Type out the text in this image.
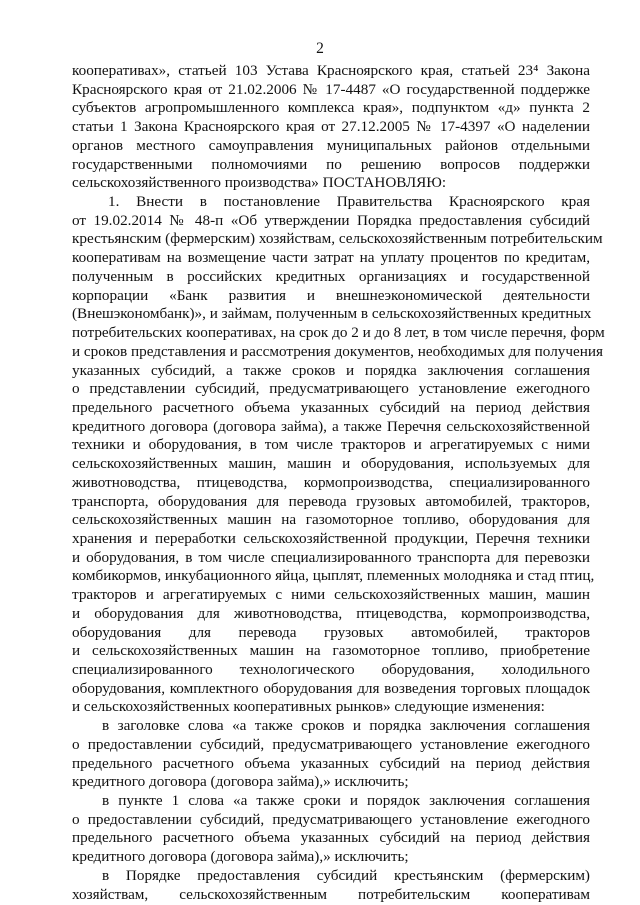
2
кооперативах», статьей 103 Устава Красноярского края, статьей 23⁴ Закона
Красноярского края от 21.02.2006 № 17-4487 «О государственной поддержке
субъектов агропромышленного комплекса края», подпунктом «д» пункта 2
статьи 1 Закона Красноярского края от 27.12.2005 № 17-4397 «О наделении
органов местного самоуправления муниципальных районов отдельными
государственными полномочиями по решению вопросов поддержки
сельскохозяйственного производства» ПОСТАНОВЛЯЮ:
1. Внести в постановление Правительства Красноярского края
от 19.02.2014 № 48-п «Об утверждении Порядка предоставления субсидий
крестьянским (фермерским) хозяйствам, сельскохозяйственным потребительским
кооперативам на возмещение части затрат на уплату процентов по кредитам,
полученным в российских кредитных организациях и государственной
корпорации «Банк развития и внешнеэкономической деятельности
(Внешэкономбанк)», и займам, полученным в сельскохозяйственных кредитных
потребительских кооперативах, на срок до 2 и до 8 лет, в том числе перечня, форм
и сроков представления и рассмотрения документов, необходимых для получения
указанных субсидий, а также сроков и порядка заключения соглашения
о представлении субсидий, предусматривающего установление ежегодного
предельного расчетного объема указанных субсидий на период действия
кредитного договора (договора займа), а также Перечня сельскохозяйственной
техники и оборудования, в том числе тракторов и агрегатируемых с ними
сельскохозяйственных машин, машин и оборудования, используемых для
животноводства, птицеводства, кормопроизводства, специализированного
транспорта, оборудования для перевода грузовых автомобилей, тракторов,
сельскохозяйственных машин на газомоторное топливо, оборудования для
хранения и переработки сельскохозяйственной продукции, Перечня техники
и оборудования, в том числе специализированного транспорта для перевозки
комбикормов, инкубационного яйца, цыплят, племенных молодняка и стад птиц,
тракторов и агрегатируемых с ними сельскохозяйственных машин, машин
и оборудования для животноводства, птицеводства, кормопроизводства,
оборудования для перевода грузовых автомобилей, тракторов
и сельскохозяйственных машин на газомоторное топливо, приобретение
специализированного технологического оборудования, холодильного
оборудования, комплектного оборудования для возведения торговых площадок
и сельскохозяйственных кооперативных рынков» следующие изменения:
в заголовке слова «а также сроков и порядка заключения соглашения
о предоставлении субсидий, предусматривающего установление ежегодного
предельного расчетного объема указанных субсидий на период действия
кредитного договора (договора займа),» исключить;
в пункте 1 слова «а также сроки и порядок заключения соглашения
о предоставлении субсидий, предусматривающего установление ежегодного
предельного расчетного объема указанных субсидий на период действия
кредитного договора (договора займа),» исключить;
в Порядке предоставления субсидий крестьянским (фермерским)
хозяйствам, сельскохозяйственным потребительским кооперативам
